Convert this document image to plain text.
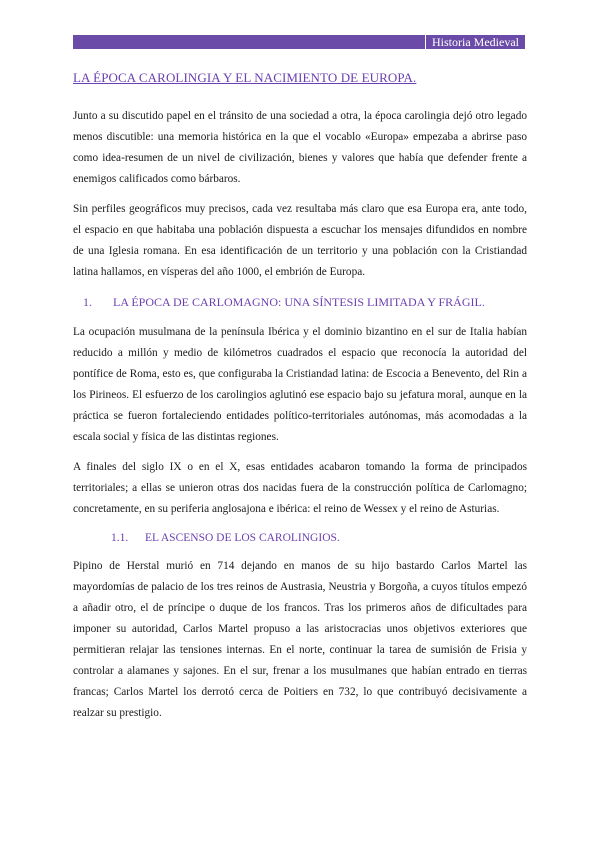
Historia Medieval
LA ÉPOCA CAROLINGIA Y EL NACIMIENTO DE EUROPA.

Junto a su discutido papel en el tránsito de una sociedad a otra, la época carolingia dejó otro legado menos discutible: una memoria histórica en la que el vocablo «Europa» empezaba a abrirse paso como idea-resumen de un nivel de civilización, bienes y valores que había que defender frente a enemigos calificados como bárbaros.

Sin perfiles geográficos muy precisos, cada vez resultaba más claro que esa Europa era, ante todo, el espacio en que habitaba una población dispuesta a escuchar los mensajes difundidos en nombre de una Iglesia romana. En esa identificación de un territorio y una población con la Cristiandad latina hallamos, en vísperas del año 1000, el embrión de Europa.

1.	LA ÉPOCA DE CARLOMAGNO: UNA SÍNTESIS LIMITADA Y FRÁGIL.

La ocupación musulmana de la península Ibérica y el dominio bizantino en el sur de Italia habían reducido a millón y medio de kilómetros cuadrados el espacio que reconocía la autoridad del pontífice de Roma, esto es, que configuraba la Cristiandad latina: de Escocia a Benevento, del Rin a los Pirineos. El esfuerzo de los carolingios aglutinó ese espacio bajo su jefatura moral, aunque en la práctica se fueron fortaleciendo entidades político-territoriales autónomas, más acomodadas a la escala social y física de las distintas regiones.

A finales del siglo IX o en el X, esas entidades acabaron tomando la forma de principados territoriales; a ellas se unieron otras dos nacidas fuera de la construcción política de Carlomagno; concretamente, en su periferia anglosajona e ibérica: el reino de Wessex y el reino de Asturias.

1.1.	EL ASCENSO DE LOS CAROLINGIOS.

Pipino de Herstal murió en 714 dejando en manos de su hijo bastardo Carlos Martel las mayordomías de palacio de los tres reinos de Austrasia, Neustria y Borgoña, a cuyos títulos empezó a añadir otro, el de príncipe o duque de los francos. Tras los primeros años de dificultades para imponer su autoridad, Carlos Martel propuso a las aristocracias unos objetivos exteriores que permitieran relajar las tensiones internas. En el norte, continuar la tarea de sumisión de Frisia y controlar a alamanes y sajones. En el sur, frenar a los musulmanes que habían entrado en tierras francas; Carlos Martel los derrotó cerca de Poitiers en 732, lo que contribuyó decisivamente a realzar su prestigio.
